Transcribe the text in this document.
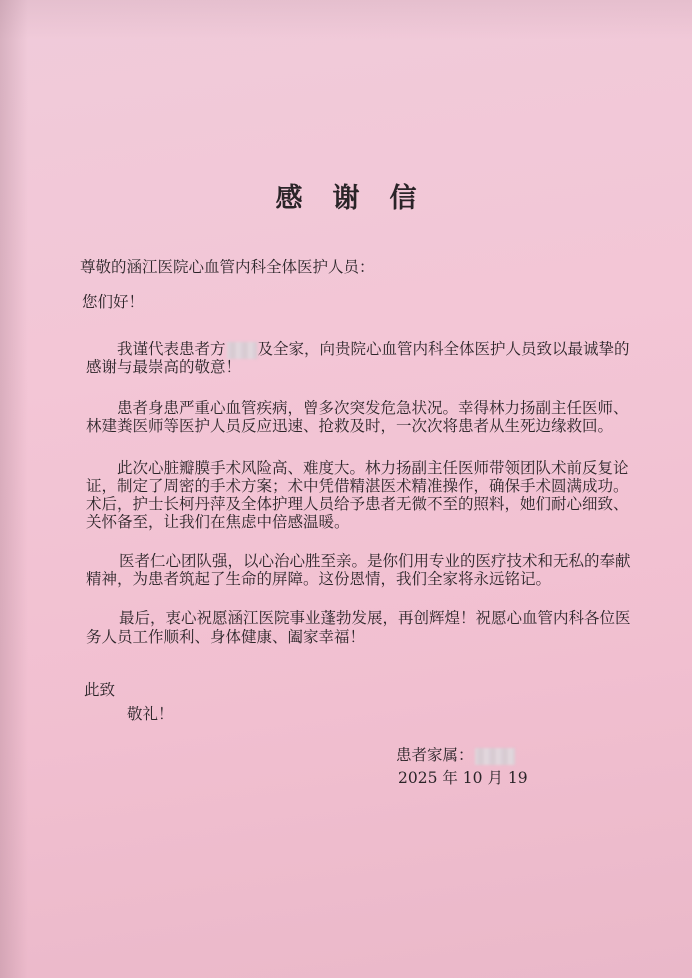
感谢信
尊敬的涵江医院心血管内科全体医护人员：
您们好！
我谨代表患者方 及全家，向贵院心血管内科全体医护人员致以最诚挚的
感谢与最崇高的敬意！
患者身患严重心血管疾病，曾多次突发危急状况。幸得林力扬副主任医师、
林建粪医师等医护人员反应迅速、抢救及时，一次次将患者从生死边缘救回。
此次心脏瓣膜手术风险高、难度大。林力扬副主任医师带领团队术前反复论
证，制定了周密的手术方案；术中凭借精湛医术精准操作，确保手术圆满成功。
术后，护士长柯丹萍及全体护理人员给予患者无微不至的照料，她们耐心细致、
关怀备至，让我们在焦虑中倍感温暖。
医者仁心团队强，以心治心胜至亲。是你们用专业的医疗技术和无私的奉献
精神，为患者筑起了生命的屏障。这份恩情，我们全家将永远铭记。
最后，衷心祝愿涵江医院事业蓬勃发展，再创辉煌！祝愿心血管内科各位医
务人员工作顺利、身体健康、阖家幸福！
此致
敬礼！
患者家属：
2025 年 10 月 19
